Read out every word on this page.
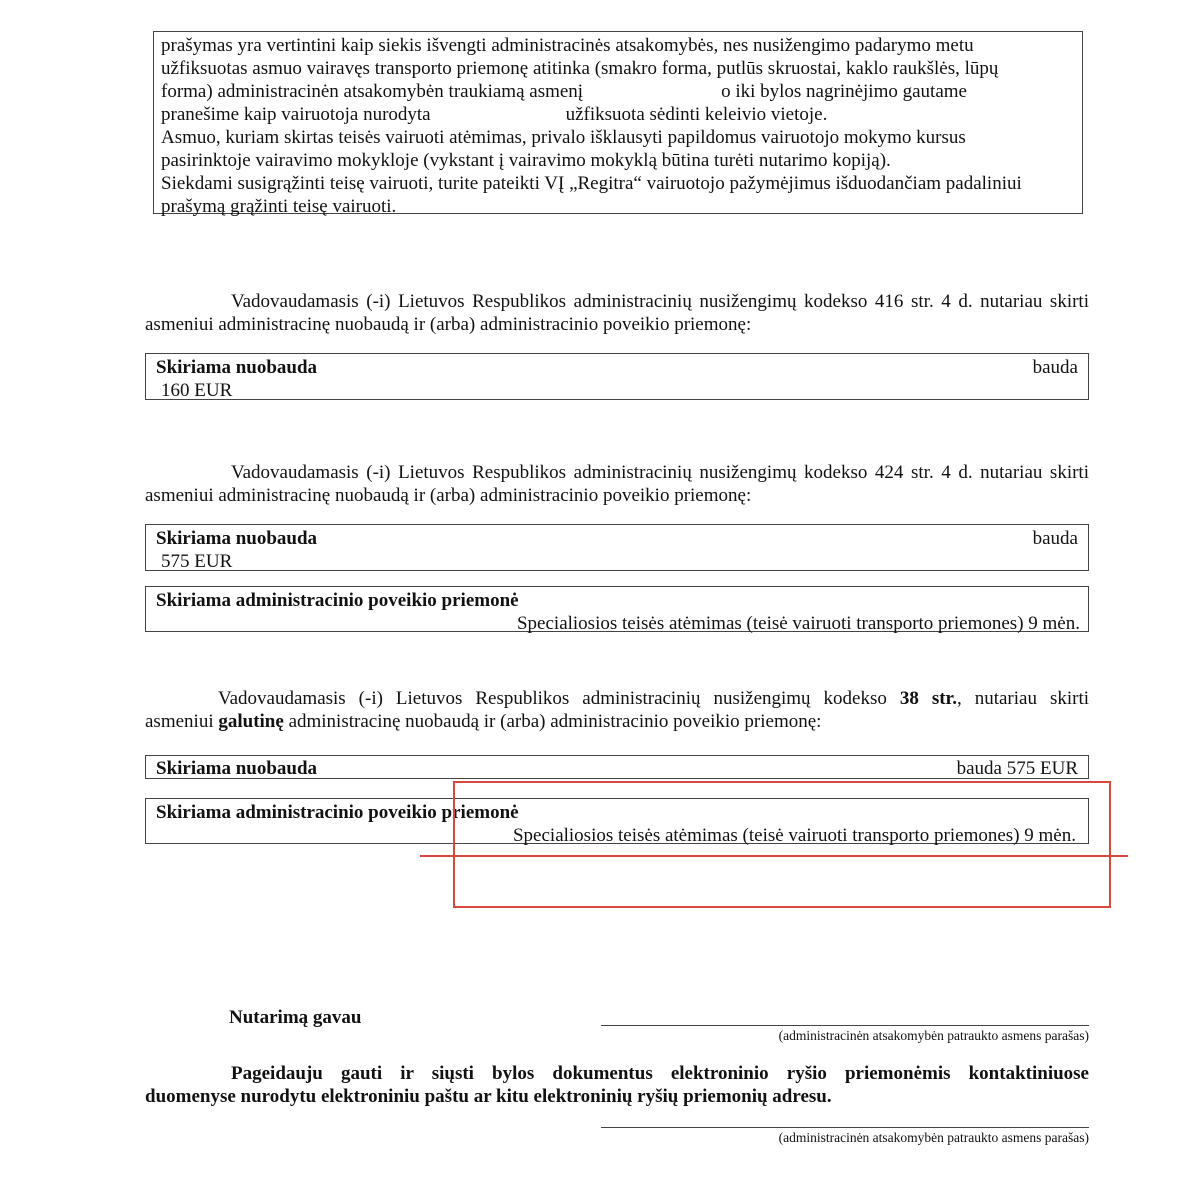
prašymas yra vertintini kaip siekis išvengti administracinės atsakomybės, nes nusižengimo padarymo metu
užfiksuotas asmuo vairavęs transporto priemonę atitinka (smakro forma, putlūs skruostai, kaklo raukšlės, lūpų
forma) administracinėn atsakomybėn traukiamą asmenį	o iki bylos nagrinėjimo gautame
pranešime kaip vairuotoja nurodyta	užfiksuota sėdinti keleivio vietoje.
Asmuo, kuriam skirtas teisės vairuoti atėmimas, privalo išklausyti papildomus vairuotojo mokymo kursus
pasirinktoje vairavimo mokykloje (vykstant į vairavimo mokyklą būtina turėti nutarimo kopiją).
Siekdami susigrąžinti teisę vairuoti, turite pateikti VĮ „Regitra“ vairuotojo pažymėjimus išduodančiam padaliniui
prašymą grąžinti teisę vairuoti.
Vadovaudamasis (-i) Lietuvos Respublikos administracinių nusižengimų kodekso 416 str. 4 d. nutariau skirti
asmeniui administracinę nuobaudą ir (arba) administracinio poveikio priemonę:
Skiriama nuobauda	bauda
160 EUR
Vadovaudamasis (-i) Lietuvos Respublikos administracinių nusižengimų kodekso 424 str. 4 d. nutariau skirti
asmeniui administracinę nuobaudą ir (arba) administracinio poveikio priemonę:
Skiriama nuobauda	bauda
575 EUR
Skiriama administracinio poveikio priemonė
Specialiosios teisės atėmimas (teisė vairuoti transporto priemones) 9 mėn.
Vadovaudamasis (-i) Lietuvos Respublikos administracinių nusižengimų kodekso 38 str., nutariau skirti
asmeniui galutinę administracinę nuobaudą ir (arba) administracinio poveikio priemonę:
Skiriama nuobauda	bauda 575 EUR
Skiriama administracinio poveikio priemonė
Specialiosios teisės atėmimas (teisė vairuoti transporto priemones) 9 mėn.
Nutarimą gavau
(administracinėn atsakomybėn patraukto asmens parašas)
Pageidauju gauti ir siųsti bylos dokumentus elektroninio ryšio priemonėmis kontaktiniuose
duomenyse nurodytu elektroniniu paštu ar kitu elektroninių ryšių priemonių adresu.
(administracinėn atsakomybėn patraukto asmens parašas)
